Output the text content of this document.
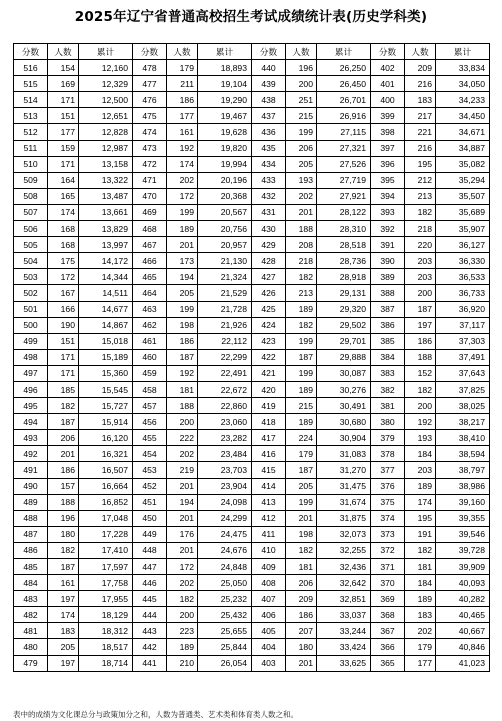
2025年辽宁省普通高校招生考试成绩统计表(历史学科类)
分数	人数	累计	分数	人数	累计	分数	人数	累计	分数	人数	累计
516	154	12,160	478	179	18,893	440	196	26,250	402	209	33,834
515	169	12,329	477	211	19,104	439	200	26,450	401	216	34,050
514	171	12,500	476	186	19,290	438	251	26,701	400	183	34,233
513	151	12,651	475	177	19,467	437	215	26,916	399	217	34,450
512	177	12,828	474	161	19,628	436	199	27,115	398	221	34,671
511	159	12,987	473	192	19,820	435	206	27,321	397	216	34,887
510	171	13,158	472	174	19,994	434	205	27,526	396	195	35,082
509	164	13,322	471	202	20,196	433	193	27,719	395	212	35,294
508	165	13,487	470	172	20,368	432	202	27,921	394	213	35,507
507	174	13,661	469	199	20,567	431	201	28,122	393	182	35,689
506	168	13,829	468	189	20,756	430	188	28,310	392	218	35,907
505	168	13,997	467	201	20,957	429	208	28,518	391	220	36,127
504	175	14,172	466	173	21,130	428	218	28,736	390	203	36,330
503	172	14,344	465	194	21,324	427	182	28,918	389	203	36,533
502	167	14,511	464	205	21,529	426	213	29,131	388	200	36,733
501	166	14,677	463	199	21,728	425	189	29,320	387	187	36,920
500	190	14,867	462	198	21,926	424	182	29,502	386	197	37,117
499	151	15,018	461	186	22,112	423	199	29,701	385	186	37,303
498	171	15,189	460	187	22,299	422	187	29,888	384	188	37,491
497	171	15,360	459	192	22,491	421	199	30,087	383	152	37,643
496	185	15,545	458	181	22,672	420	189	30,276	382	182	37,825
495	182	15,727	457	188	22,860	419	215	30,491	381	200	38,025
494	187	15,914	456	200	23,060	418	189	30,680	380	192	38,217
493	206	16,120	455	222	23,282	417	224	30,904	379	193	38,410
492	201	16,321	454	202	23,484	416	179	31,083	378	184	38,594
491	186	16,507	453	219	23,703	415	187	31,270	377	203	38,797
490	157	16,664	452	201	23,904	414	205	31,475	376	189	38,986
489	188	16,852	451	194	24,098	413	199	31,674	375	174	39,160
488	196	17,048	450	201	24,299	412	201	31,875	374	195	39,355
487	180	17,228	449	176	24,475	411	198	32,073	373	191	39,546
486	182	17,410	448	201	24,676	410	182	32,255	372	182	39,728
485	187	17,597	447	172	24,848	409	181	32,436	371	181	39,909
484	161	17,758	446	202	25,050	408	206	32,642	370	184	40,093
483	197	17,955	445	182	25,232	407	209	32,851	369	189	40,282
482	174	18,129	444	200	25,432	406	186	33,037	368	183	40,465
481	183	18,312	443	223	25,655	405	207	33,244	367	202	40,667
480	205	18,517	442	189	25,844	404	180	33,424	366	179	40,846
479	197	18,714	441	210	26,054	403	201	33,625	365	177	41,023
表中的成绩为文化课总分与政策加分之和，人数为普通类、艺术类和体育类人数之和。
